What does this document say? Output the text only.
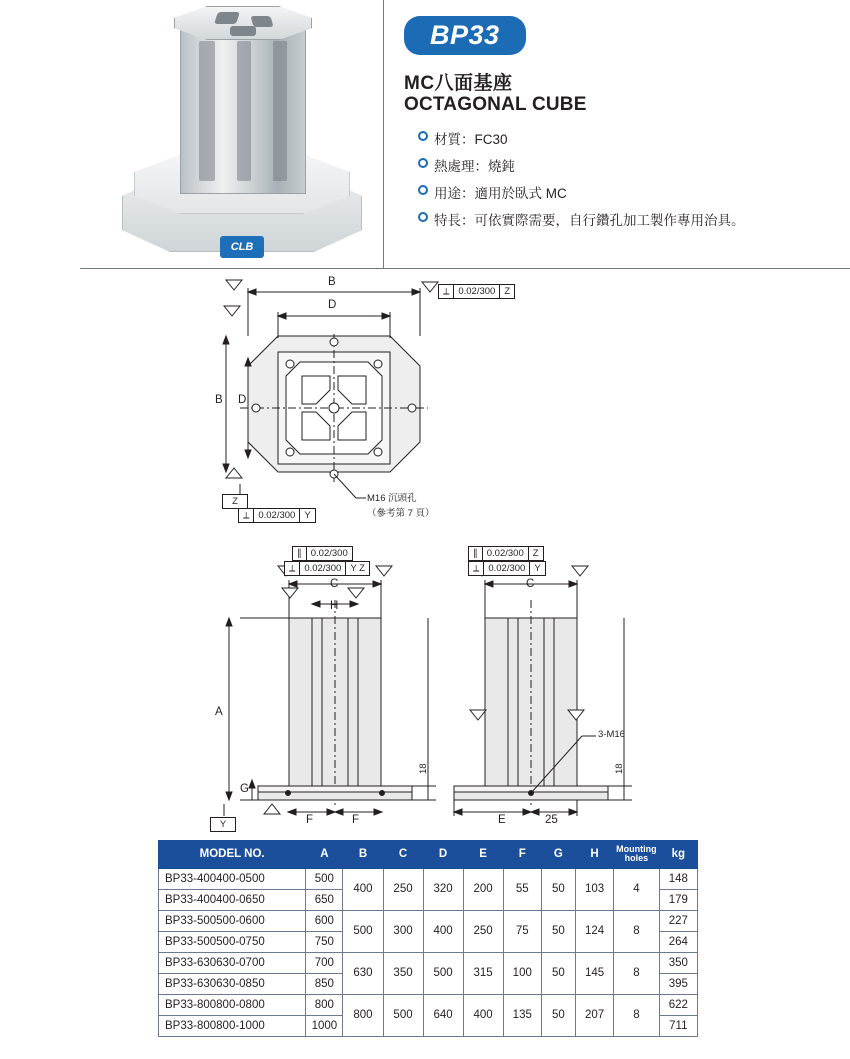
CLB
BP33
MC八面基座
OCTAGONAL CUBE
材質：FC30
熱處理：燒鈍
用途：適用於臥式 MC
特長：可依實際需要，自行鑽孔加工製作專用治具。
B
D
B D
⟂ 0.02/300 Z
Z
⟂ 0.02/300 Y
M16 沉頭孔
（參考第 7 頁）
∥ 0.02/300
⟂ 0.02/300 Y Z
C
H
A
G
F	F
18
Y
∥ 0.02/300 Z
⟂ 0.02/300 Y
C
3-M16
E	25
18
MODEL NO.	A	B	C	D	E	F	G	H	Mounting holes	kg
BP33-400400-0500	500	400	250	320	200	55	50	103	4	148
BP33-400400-0650	650									179
BP33-500500-0600	600	500	300	400	250	75	50	124	8	227
BP33-500500-0750	750									264
BP33-630630-0700	700	630	350	500	315	100	50	145	8	350
BP33-630630-0850	850									395
BP33-800800-0800	800	800	500	640	400	135	50	207	8	622
BP33-800800-1000	1000									711
